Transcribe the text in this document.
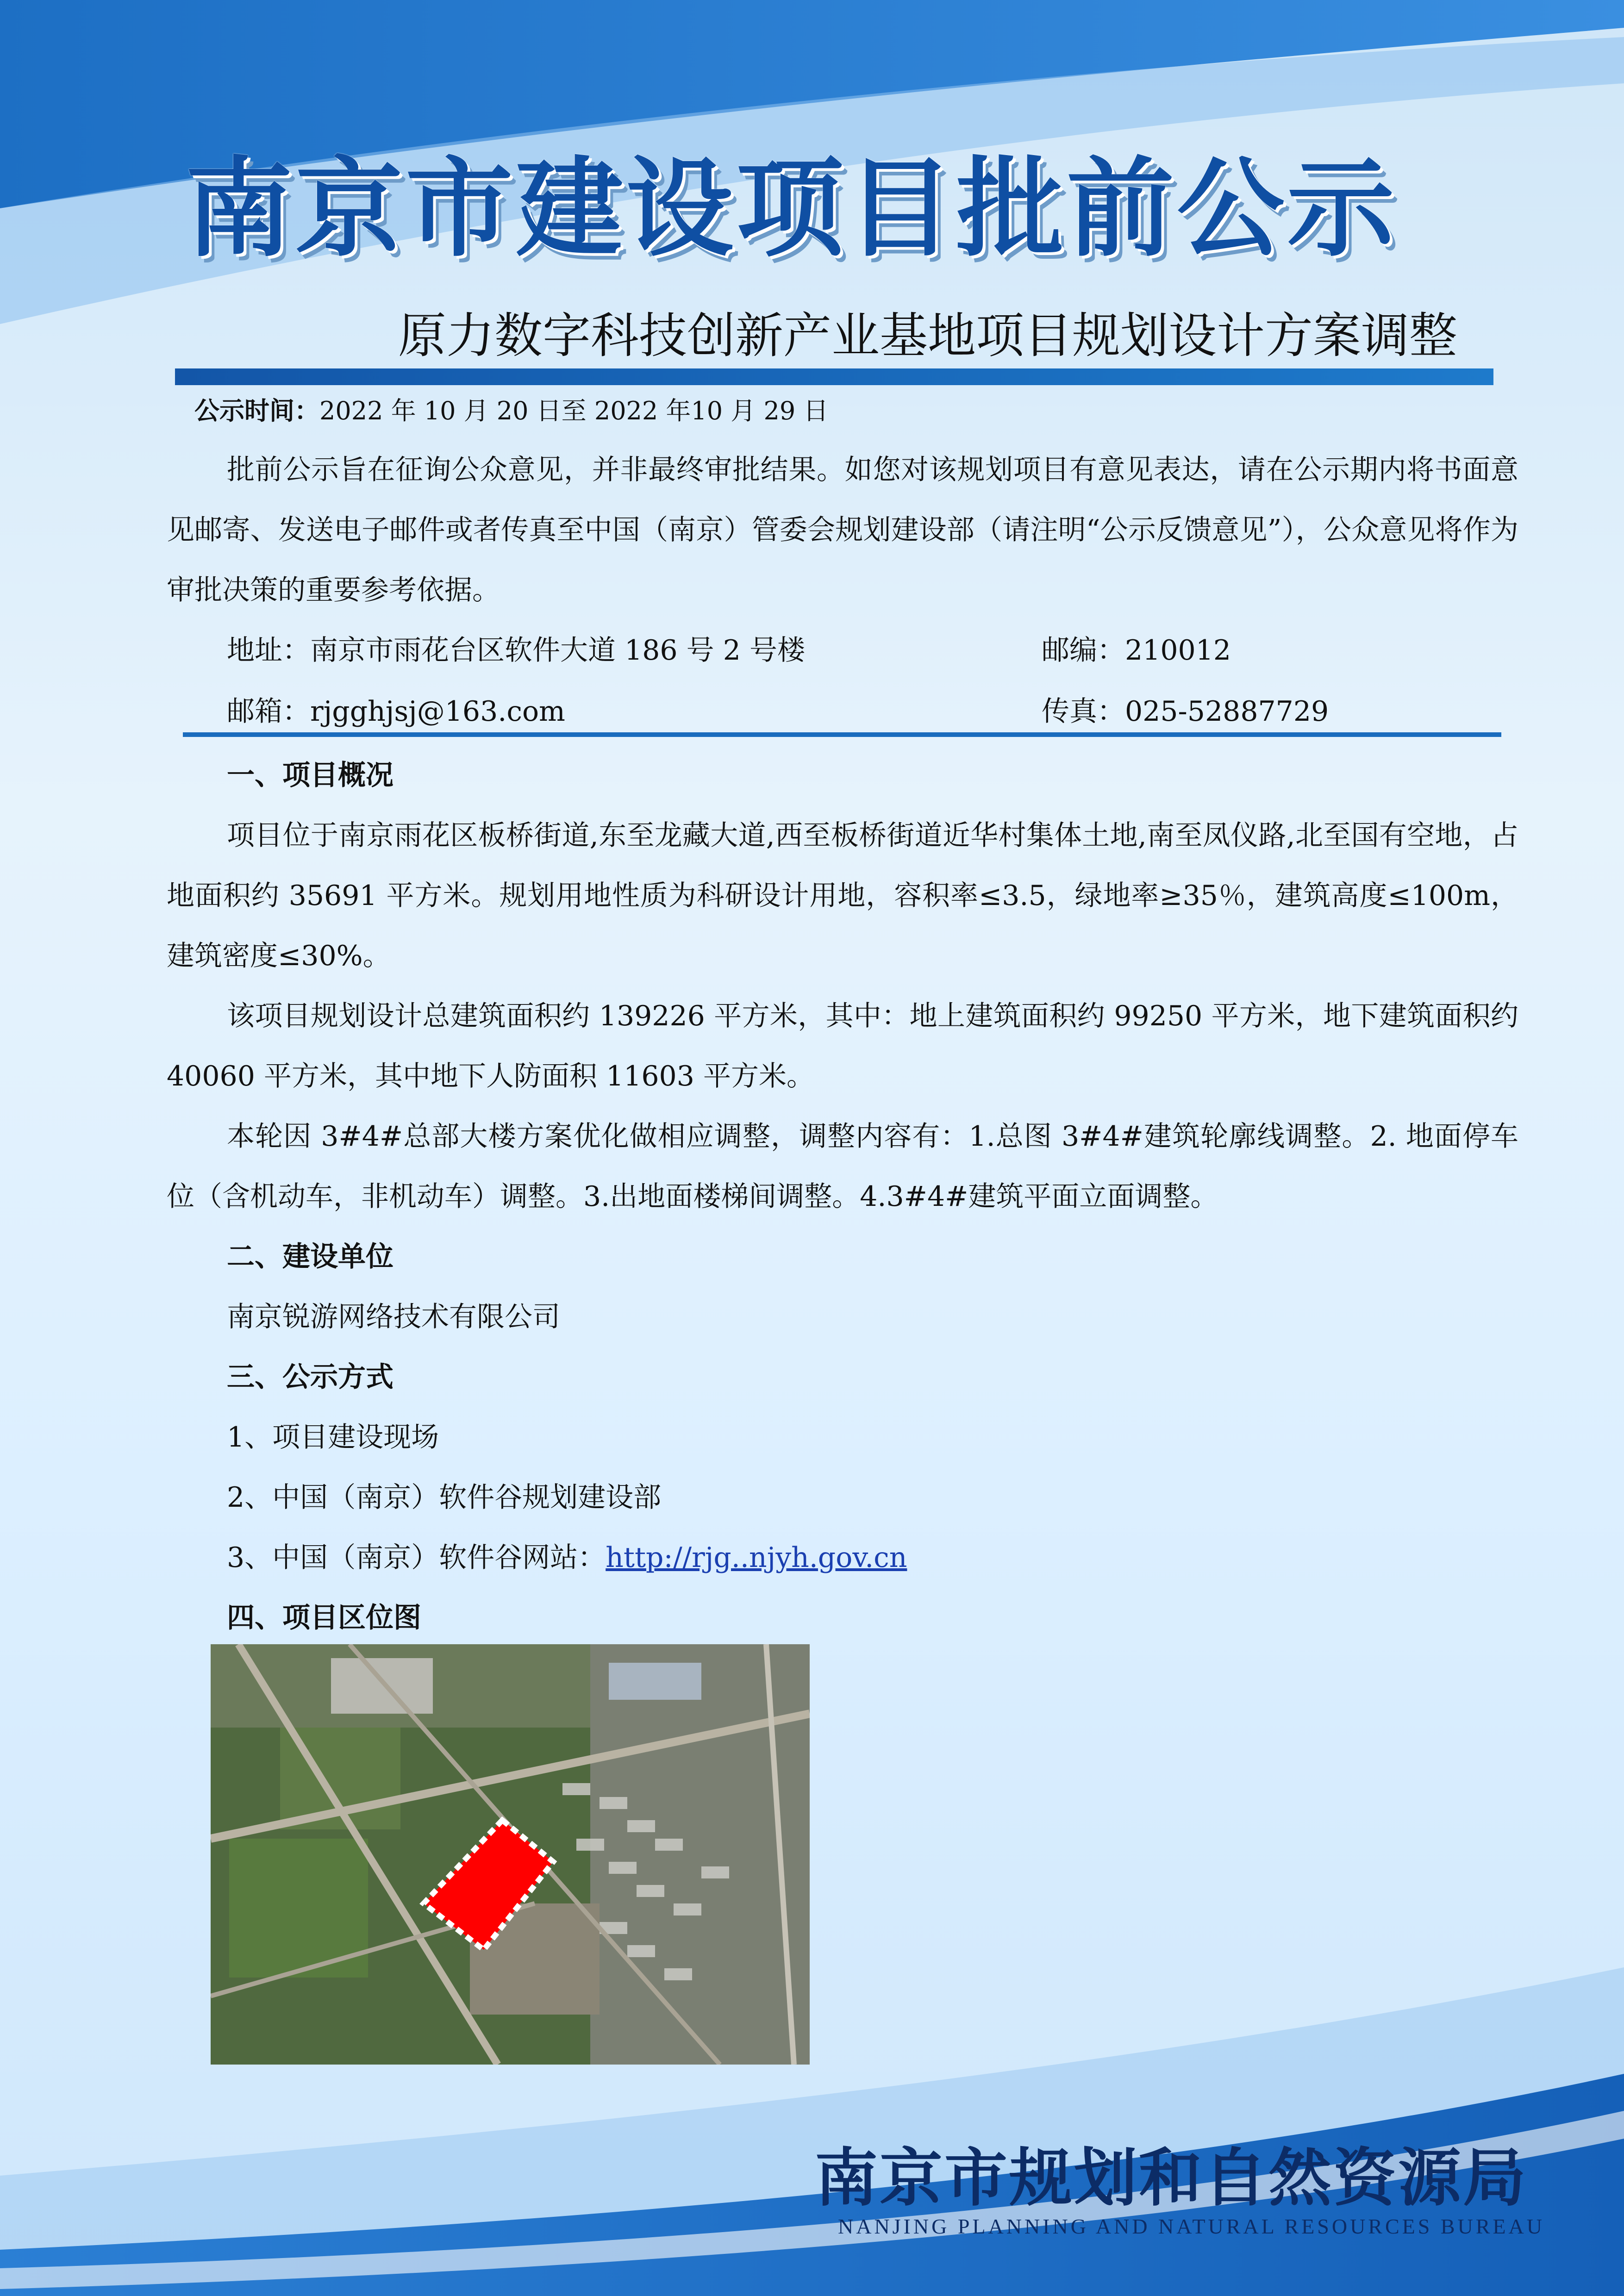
南京市建设项目批前公示
原力数字科技创新产业基地项目规划设计方案调整
公示时间：2022 年 10 月 20 日至 2022 年10 月 29 日
批前公示旨在征询公众意见，并非最终审批结果。如您对该规划项目有意见表达，请在公示期内将书面意见邮寄、发送电子邮件或者传真至中国（南京）管委会规划建设部（请注明“公示反馈意见”），公众意见将作为审批决策的重要参考依据。
地址：南京市雨花台区软件大道 186 号 2 号楼	邮编：210012
邮箱：rjgghjsj@163.com	传真：025-52887729
一、项目概况

项目位于南京雨花区板桥街道,东至龙藏大道,西至板桥街道近华村集体土地,南至凤仪路,北至国有空地，占地面积约 35691 平方米。规划用地性质为科研设计用地，容积率≤3.5，绿地率≥35％，建筑高度≤100m，建筑密度≤30%。

该项目规划设计总建筑面积约 139226 平方米，其中：地上建筑面积约 99250 平方米，地下建筑面积约 40060 平方米，其中地下人防面积 11603 平方米。

本轮因 3#4#总部大楼方案优化做相应调整，调整内容有：1.总图 3#4#建筑轮廓线调整。2. 地面停车位（含机动车，非机动车）调整。3.出地面楼梯间调整。4.3#4#建筑平面立面调整。

二、建设单位
南京锐游网络技术有限公司
三、公示方式
1、项目建设现场
2、中国（南京）软件谷规划建设部
3、中国（南京）软件谷网站：http://rjg..njyh.gov.cn
四、项目区位图
南京市规划和自然资源局
NANJING PLANNING AND NATURAL RESOURCES BUREAU
